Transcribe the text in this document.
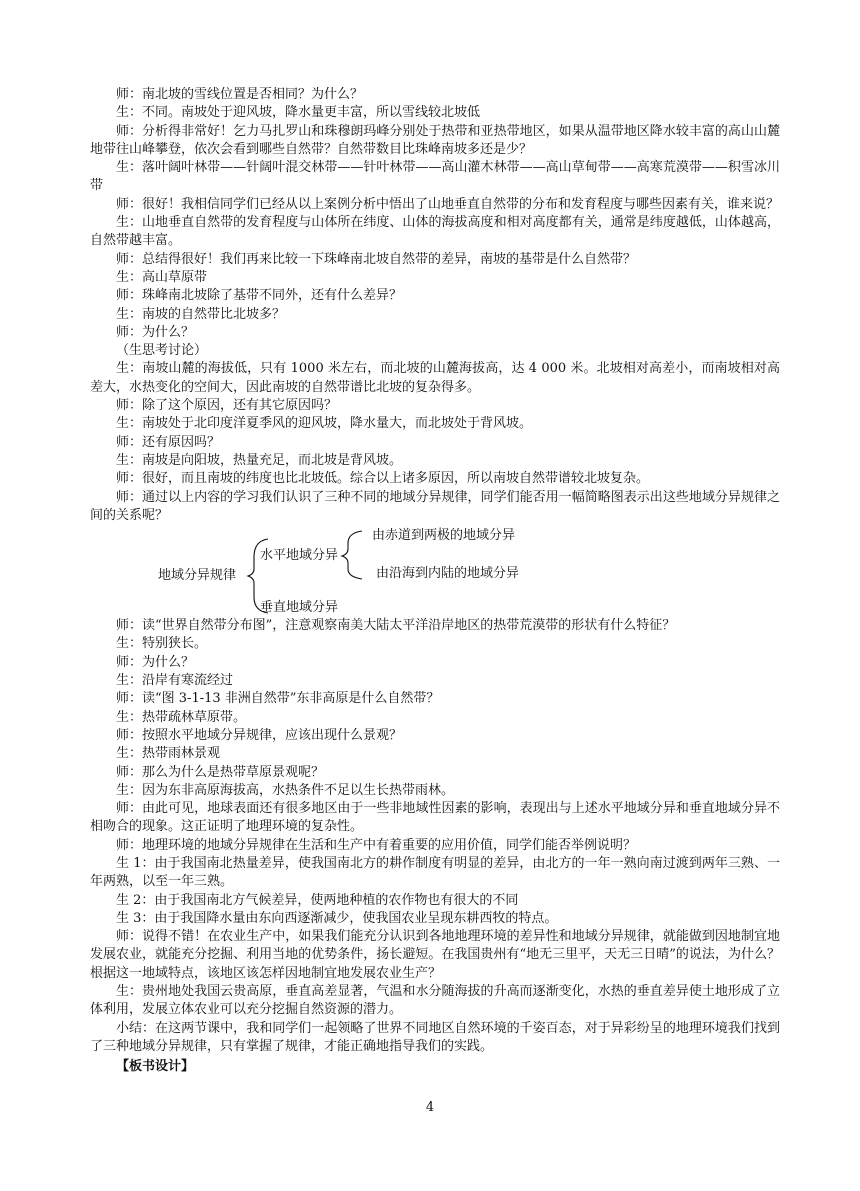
师：南北坡的雪线位置是否相同？为什么？

生：不同。南坡处于迎风坡，降水量更丰富，所以雪线较北坡低

师：分析得非常好！乞力马扎罗山和珠穆朗玛峰分别处于热带和亚热带地区，如果从温带地区降水较丰富的高山山麓地带往山峰攀登，依次会看到哪些自然带？自然带数目比珠峰南坡多还是少？

生：落叶阔叶林带——针阔叶混交林带——针叶林带——高山灌木林带——高山草甸带——高寒荒漠带——积雪冰川带

师：很好！我相信同学们已经从以上案例分析中悟出了山地垂直自然带的分布和发育程度与哪些因素有关，谁来说？

生：山地垂直自然带的发育程度与山体所在纬度、山体的海拔高度和相对高度都有关，通常是纬度越低，山体越高，自然带越丰富。

师：总结得很好！我们再来比较一下珠峰南北坡自然带的差异，南坡的基带是什么自然带？

生：高山草原带

师：珠峰南北坡除了基带不同外，还有什么差异？

生：南坡的自然带比北坡多？

师：为什么？

（生思考讨论）

生：南坡山麓的海拔低，只有 1000 米左右，而北坡的山麓海拔高，达 4 000 米。北坡相对高差小，而南坡相对高差大，水热变化的空间大，因此南坡的自然带谱比北坡的复杂得多。

师：除了这个原因，还有其它原因吗？

生：南坡处于北印度洋夏季风的迎风坡，降水量大，而北坡处于背风坡。

师：还有原因吗？

生：南坡是向阳坡，热量充足，而北坡是背风坡。

师：很好，而且南坡的纬度也比北坡低。综合以上诸多原因，所以南坡自然带谱较北坡复杂。

师：通过以上内容的学习我们认识了三种不同的地域分异规律，同学们能否用一幅简略图表示出这些地域分异规律之间的关系呢？

地域分异规律
水平地域分异
垂直地域分异
由赤道到两极的地域分异
由沿海到内陆的地域分异

师：读“世界自然带分布图”，注意观察南美大陆太平洋沿岸地区的热带荒漠带的形状有什么特征？

生：特别狭长。

师：为什么？

生：沿岸有寒流经过

师：读“图 3-1-13 非洲自然带”东非高原是什么自然带？

生：热带疏林草原带。

师：按照水平地域分异规律，应该出现什么景观？

生：热带雨林景观

师：那么为什么是热带草原景观呢？

生：因为东非高原海拔高，水热条件不足以生长热带雨林。

师：由此可见，地球表面还有很多地区由于一些非地域性因素的影响，表现出与上述水平地域分异和垂直地域分异不相吻合的现象。这正证明了地理环境的复杂性。

师：地理环境的地域分异规律在生活和生产中有着重要的应用价值，同学们能否举例说明？

生 1：由于我国南北热量差异，使我国南北方的耕作制度有明显的差异，由北方的一年一熟向南过渡到两年三熟、一年两熟，以至一年三熟。

生 2：由于我国南北方气候差异，使两地种植的农作物也有很大的不同

生 3：由于我国降水量由东向西逐渐减少，使我国农业呈现东耕西牧的特点。

师：说得不错！在农业生产中，如果我们能充分认识到各地地理环境的差异性和地域分异规律，就能做到因地制宜地发展农业，就能充分挖掘、利用当地的优势条件，扬长避短。在我国贵州有“地无三里平，天无三日晴”的说法，为什么？根据这一地域特点，该地区该怎样因地制宜地发展农业生产？

生：贵州地处我国云贵高原，垂直高差显著，气温和水分随海拔的升高而逐渐变化，水热的垂直差异使土地形成了立体利用，发展立体农业可以充分挖掘自然资源的潜力。

小结：在这两节课中，我和同学们一起领略了世界不同地区自然环境的千姿百态，对于异彩纷呈的地理环境我们找到了三种地域分异规律，只有掌握了规律，才能正确地指导我们的实践。

【板书设计】
4
